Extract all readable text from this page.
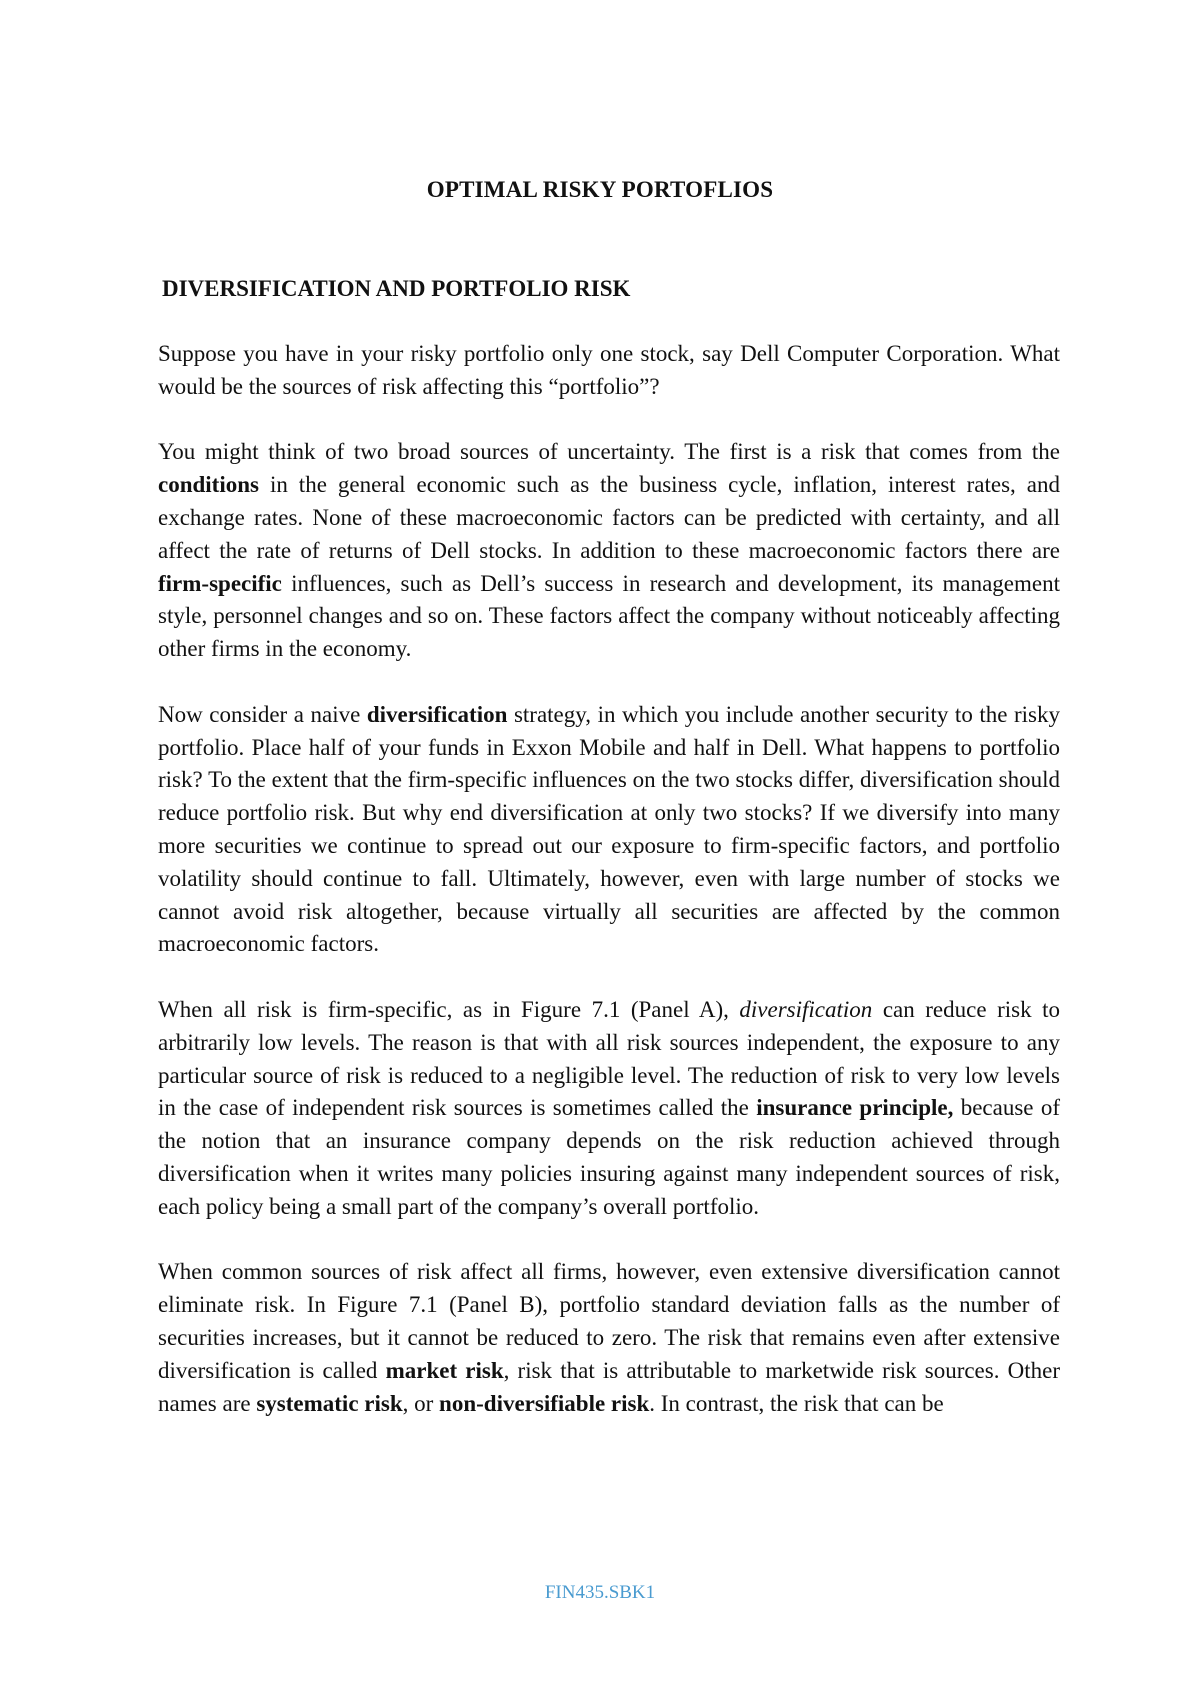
OPTIMAL RISKY PORTOFLIOS
DIVERSIFICATION AND PORTFOLIO RISK

Suppose you have in your risky portfolio only one stock, say Dell Computer Corporation. What would be the sources of risk affecting this “portfolio”?

You might think of two broad sources of uncertainty. The first is a risk that comes from the conditions in the general economic such as the business cycle, inflation, interest rates, and exchange rates. None of these macroeconomic factors can be predicted with certainty, and all affect the rate of returns of Dell stocks. In addition to these macroeconomic factors there are firm-specific influences, such as Dell’s success in research and development, its management style, personnel changes and so on. These factors affect the company without noticeably affecting other firms in the economy.

Now consider a naive diversification strategy, in which you include another security to the risky portfolio. Place half of your funds in Exxon Mobile and half in Dell. What happens to portfolio risk? To the extent that the firm-specific influences on the two stocks differ, diversification should reduce portfolio risk. But why end diversification at only two stocks? If we diversify into many more securities we continue to spread out our exposure to firm-specific factors, and portfolio volatility should continue to fall. Ultimately, however, even with large number of stocks we cannot avoid risk altogether, because virtually all securities are affected by the common macroeconomic factors.

When all risk is firm-specific, as in Figure 7.1 (Panel A), diversification can reduce risk to arbitrarily low levels. The reason is that with all risk sources independent, the exposure to any particular source of risk is reduced to a negligible level. The reduction of risk to very low levels in the case of independent risk sources is sometimes called the insurance principle, because of the notion that an insurance company depends on the risk reduction achieved through diversification when it writes many policies insuring against many independent sources of risk, each policy being a small part of the company’s overall portfolio.

When common sources of risk affect all firms, however, even extensive diversification cannot eliminate risk. In Figure 7.1 (Panel B), portfolio standard deviation falls as the number of securities increases, but it cannot be reduced to zero. The risk that remains even after extensive diversification is called market risk, risk that is attributable to marketwide risk sources. Other names are systematic risk, or non-diversifiable risk. In contrast, the risk that can be

FIN435.SBK1
